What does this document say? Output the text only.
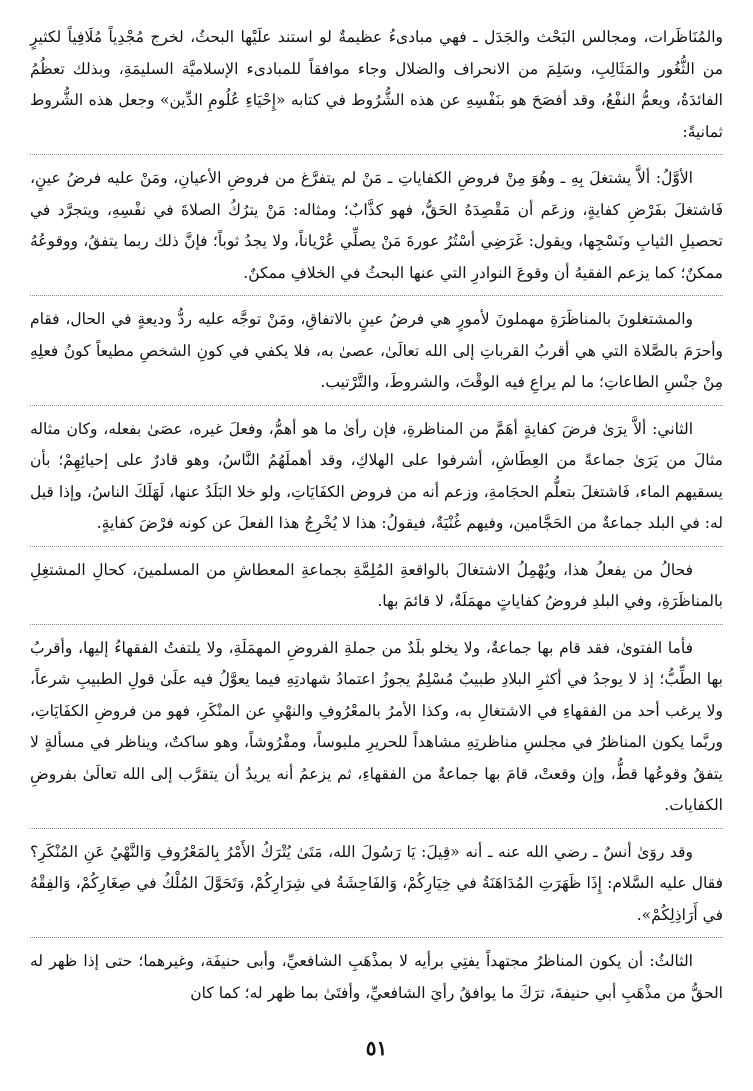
والمُنَاظَرات، ومجالس البَحْث والجَدَل ـ فهي مبادىءُ عظيمةٌ لو استند علَيْها البحثُ، لخرج مُجْدِياً مُلَافِياً لكثيرٍ من الثُّغُور والمَثَالِبِ، وسَلِمَ من الانحراف والضلال وجاء موافقاً للمبادىء الإسلاميَّة السليمَةِ، وبذلك تعظُمُ الفائدَةُ، ويعمُّ النفْعُ، وقد أفصَحَ هو بنَفْسِهِ عن هذه الشُّرُوط في كتابه «إِحْيَاءِ عُلُومِ الدِّين» وجعل هذه الشُّروط ثمانيةً:

الأوَّلُ: ألاَّ يشتغلَ بِهِ ـ وهُوَ مِنْ فروضِ الكفاياتِ ـ مَنْ لم يتفرَّغ من فروضِ الأعيانِ، ومَنْ عليه فرضُ عينٍ، فَاشتغلَ بفَرْضِ كفايةٍ، وزعَم أن مَقْصِدَهُ الحَقُّ، فهو كذَّابٌ؛ ومثاله: مَنْ يترُكُ الصلاةَ في نفْسِهِ، ويتجرَّد في تحصيلِ الثيابِ ونَسْجِها، ويقول: غَرَضِي أسْتُرُ عورةَ مَنْ يصلِّي عُرْياناً، ولا يجدُ ثوباً؛ فإنَّ ذلك ربما يتفقُ، ووقوعُهُ ممكنٌ؛ كما يزعم الفقيهُ أن وقوعَ النوادرِ التي عنها البحثُ في الخلافِ ممكنٌ.

والمشتغلونَ بالمناظَرَةِ مهملونَ لأمورٍ هي فرضُ عينٍ بالاتفاقِ، ومَنْ توجَّه عليه ردُّ وديعةٍ في الحال، فقام وأحرَمَ بالصَّلاة التي هي أقربُ القرباتِ إلى الله تعالَىٰ، عصىٰ به، فلا يكفي في كونِ الشخصِ مطيعاً كونُ فعلِهِ مِنْ جنْسِ الطاعاتِ؛ ما لم يراعِ فيه الوقْتَ، والشروطَ، والتَّرْتيب.

الثاني: ألاَّ يرَىٰ فرضَ كفايةٍ أهَمَّ من المناظرةِ، فإن رأىٰ ما هو أهمُّ، وفعلَ غيره، عصَىٰ بفعله، وكان مثاله مثالَ من يَرَىٰ جماعةً من العِطَاشِ، أشرفوا على الهلاكِ، وقد أهملَهُمُ النَّاسُ، وهو قادرٌ على إحيائِهِمْ؛ بأن يسقيهم الماء، فَاشتغلَ بتعلُّم الحجَامةِ، وزعم أنه من فروض الكفَايَاتِ، ولو خلا البَلَدُ عنها، لَهَلَكَ الناسُ، وإذا قيل له: في البلد جماعةٌ من الحَجَّامين، وفيهم غُنْيَةٌ، فيقولُ: هذا لا يُخْرِجُ هذا الفعلَ عن كونه فرْضَ كفايةٍ.

فحالُ من يفعلُ هذا، ويُهْمِلُ الاشتغالَ بالواقعةِ المُلِمَّةِ بجماعةِ المعطاشِ من المسلمينَ، كحالِ المشتغِلِ بالمناظَرَةِ، وفي البلدِ فروضُ كفاياتٍ مهمَلَةٌ، لا قائمَ بها.

فأما الفتوىٰ، فقد قام بها جماعةٌ، ولا يخلو بلَدٌ من جملةِ الفروضِ المهمَلَةِ، ولا يلتفتُ الفقهاءُ إليها، وأقربُ بها الطِّبُّ؛ إذ لا يوجدُ في أكثرِ البلادِ طبيبٌ مُسْلِمٌ يجوزُ اعتمادُ شهادتِهِ فيما يعوَّلُ فيه علَىٰ قولِ الطبيبِ شرعاً، ولا يرغب أحد من الفقهاءِ في الاشتغالِ به، وكذا الأمرُ بالمعْرُوفِ والنهْيِ عن المنْكَرِ، فهو من فروضِ الكفَايَاتِ، وربَّما يكون المناظرُ في مجلسِ مناظرتِهِ مشاهداً للحريرِ ملبوساً، ومفْرُوشاً، وهو ساكتٌ، ويناظر في مسألةٍ لا يتفقُ وقوعُها قطُّ، وإن وقعتْ، قامَ بها جماعةٌ من الفقهاءِ، ثم يزعمُ أنه يريدُ أن يتقرَّب إلى الله تعالَىٰ بفروضِ الكفايات.

وقد روَىٰ أنسٌ ـ رضي الله عنه ـ أنه «قِيلَ: يَا رَسُولَ الله، مَتَىٰ يُتْرَكُ الأَمْرُ بِالمَعْرُوفِ وَالنَّهْيُ عَنِ المُنْكَرِ؟ فقال عليه السَّلام: إِذَا ظَهَرَتِ المُدَاهَنَةُ في خِيَارِكُمْ، وَالفَاحِشَةُ في شِرَارِكُمْ، وَتَحَوَّلَ المُلْكُ في صِغَارِكُمْ، وَالفِقْهُ في أَرَاذِلِكُمْ».

الثالثُ: أن يكون المناظرُ مجتهداً يفتِي برأيه لا بمذْهَبِ الشافعيِّ، وأبى حنيفَة، وغيرهما؛ حتى إذا ظهر له الحقُّ من مذْهَبِ أبي حنيفةَ، ترَكَ ما يوافقُ رأيَ الشافعيِّ، وأفتَىٰ بما ظهر له؛ كما كان

٥١
